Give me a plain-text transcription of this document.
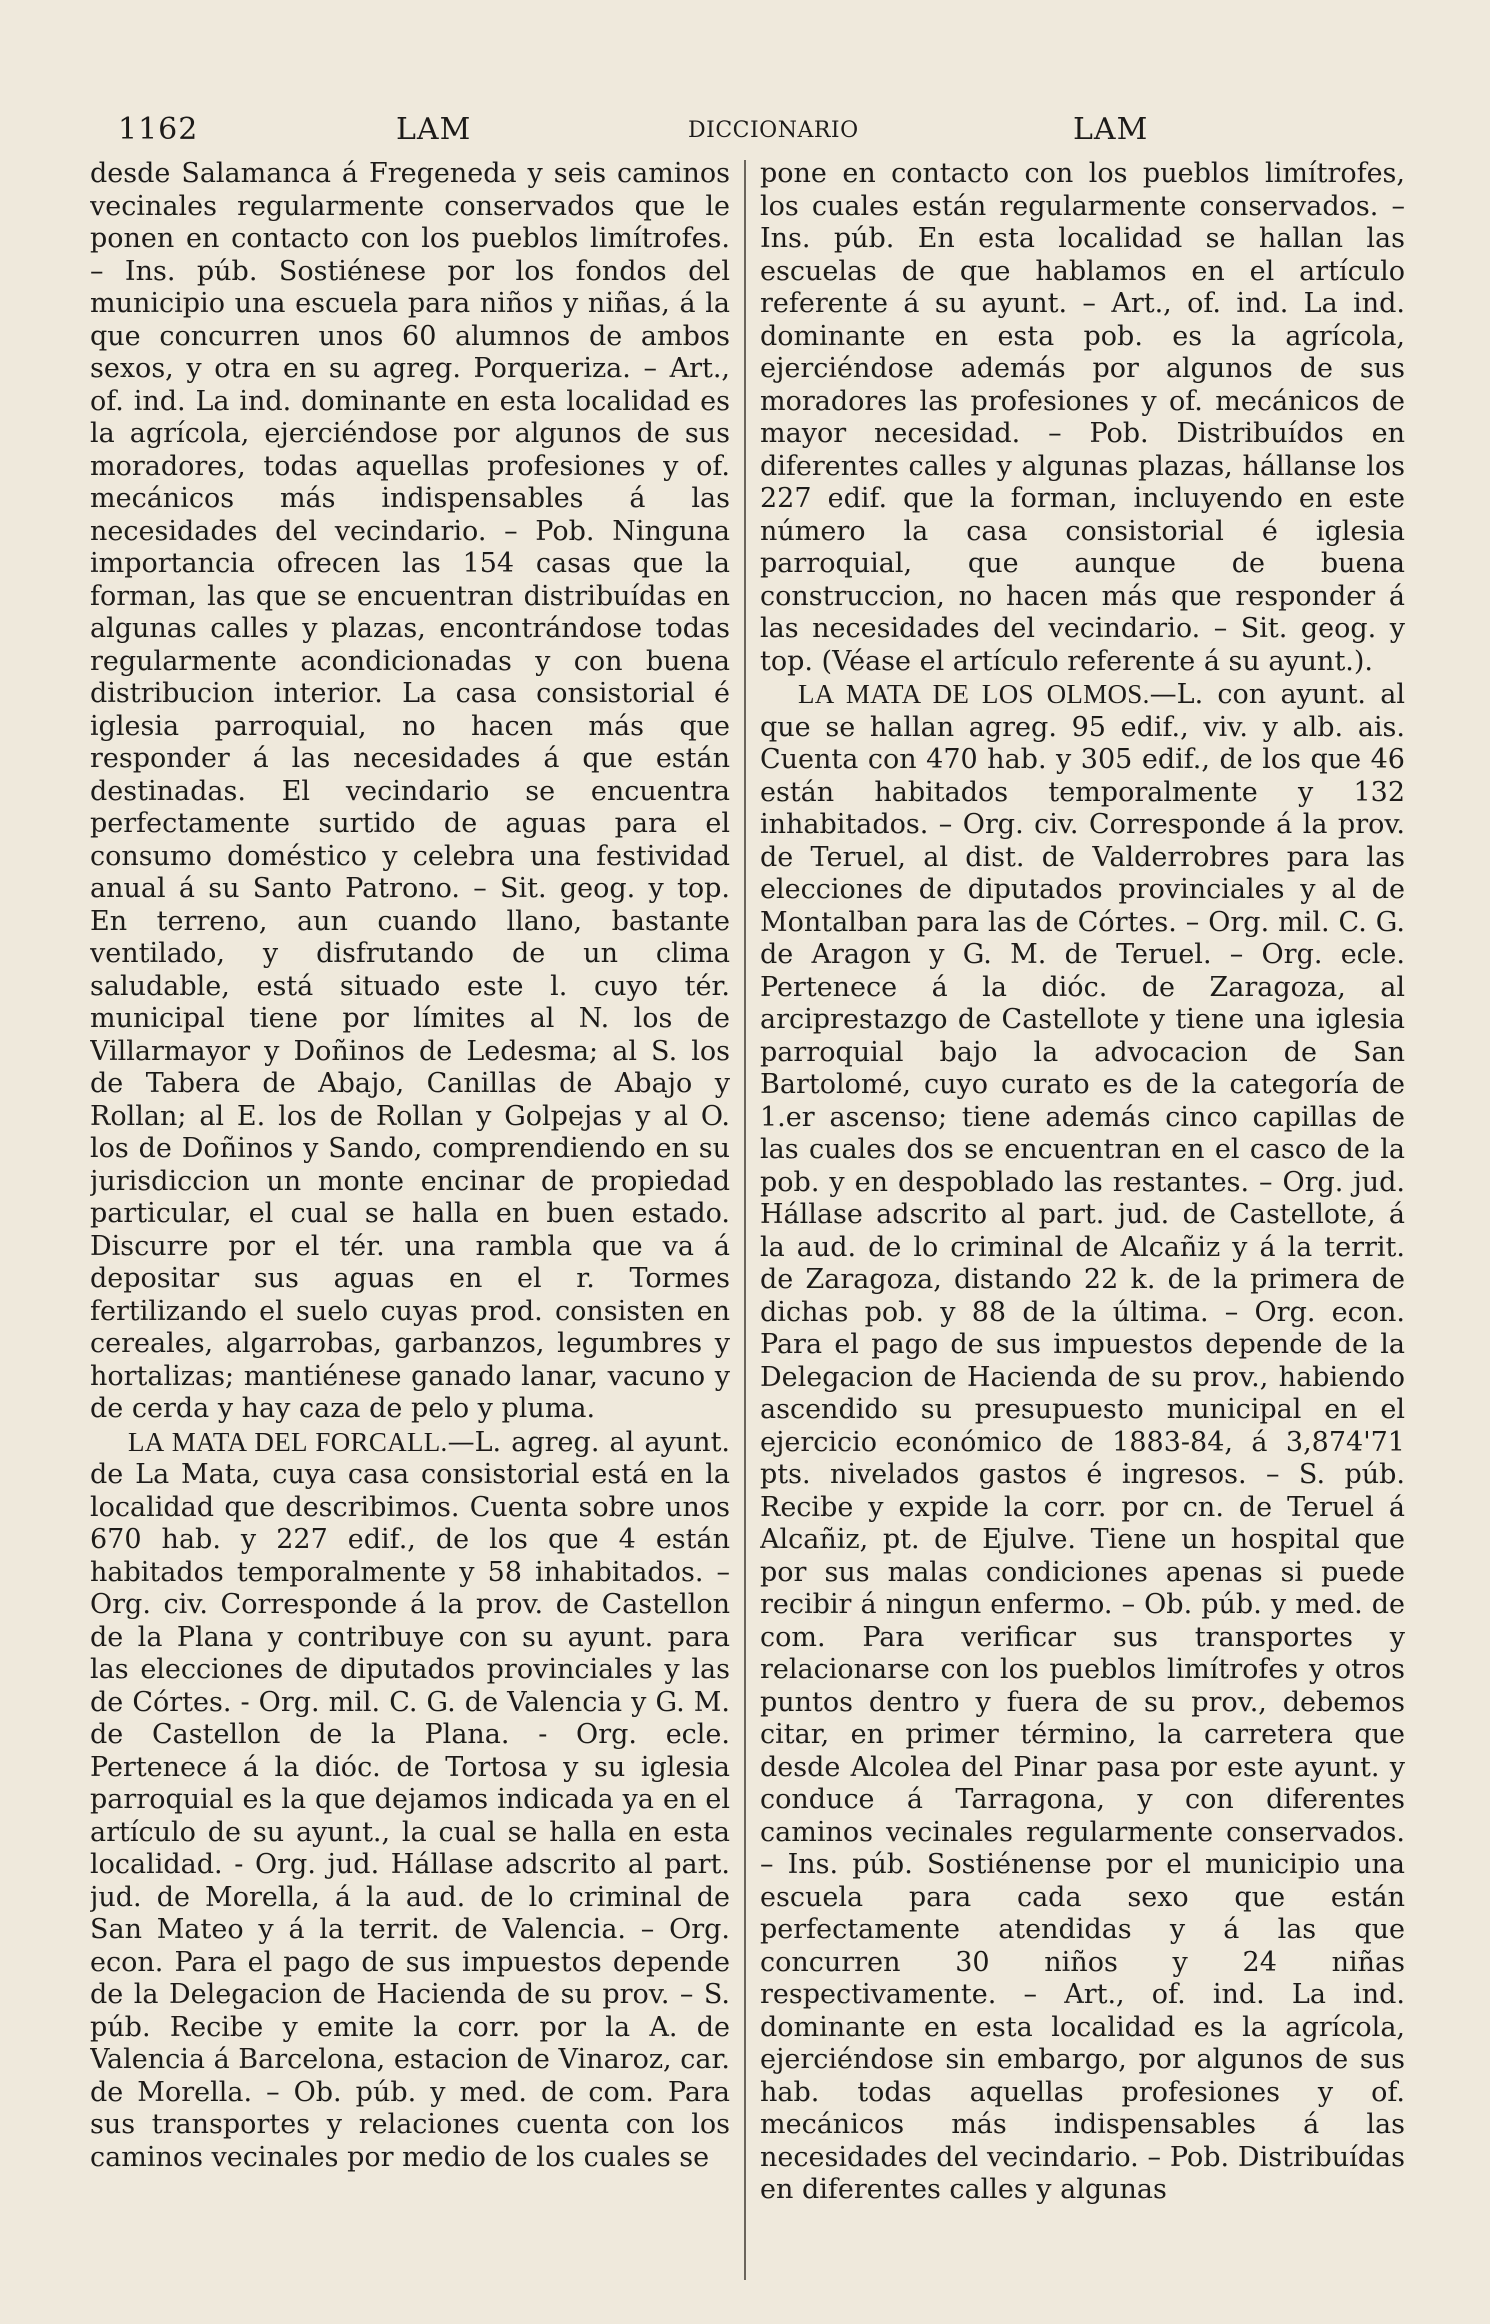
1162	LAM	DICCIONARIO	LAM

desde Salamanca á Fregeneda y seis caminos vecinales regularmente conservados que le ponen en contacto con los pueblos limítrofes. – Ins. púb. Sostiénese por los fondos del municipio una escuela para niños y niñas, á la que concurren unos 60 alumnos de ambos sexos, y otra en su agreg. Porqueriza. – Art., of. ind. La ind. dominante en esta localidad es la agrícola, ejerciéndose por algunos de sus moradores, todas aquellas profesiones y of. mecánicos más indispensables á las necesidades del vecindario. – Pob. Ninguna importancia ofrecen las 154 casas que la forman, las que se encuentran distribuídas en algunas calles y plazas, encontrándose todas regularmente acondicionadas y con buena distribucion interior. La casa consistorial é iglesia parroquial, no hacen más que responder á las necesidades á que están destinadas. El vecindario se encuentra perfectamente surtido de aguas para el consumo doméstico y celebra una festividad anual á su Santo Patrono. – Sit. geog. y top. En terreno, aun cuando llano, bastante ventilado, y disfrutando de un clima saludable, está situado este l. cuyo tér. municipal tiene por límites al N. los de Villarmayor y Doñinos de Ledesma; al S. los de Tabera de Abajo, Canillas de Abajo y Rollan; al E. los de Rollan y Golpejas y al O. los de Doñinos y Sando, comprendiendo en su jurisdiccion un monte encinar de propiedad particular, el cual se halla en buen estado. Discurre por el tér. una rambla que va á depositar sus aguas en el r. Tormes fertilizando el suelo cuyas prod. consisten en cereales, algarrobas, garbanzos, legumbres y hortalizas; mantiénese ganado lanar, vacuno y de cerda y hay caza de pelo y pluma.

LA MATA DEL FORCALL.—L. agreg. al ayunt. de La Mata, cuya casa consistorial está en la localidad que describimos. Cuenta sobre unos 670 hab. y 227 edif., de los que 4 están habitados temporalmente y 58 inhabitados. – Org. civ. Corresponde á la prov. de Castellon de la Plana y contribuye con su ayunt. para las elecciones de diputados provinciales y las de Córtes. - Org. mil. C. G. de Valencia y G. M. de Castellon de la Plana. - Org. ecle. Pertenece á la dióc. de Tortosa y su iglesia parroquial es la que dejamos indicada ya en el artículo de su ayunt., la cual se halla en esta localidad. - Org. jud. Hállase adscrito al part. jud. de Morella, á la aud. de lo criminal de San Mateo y á la territ. de Valencia. – Org. econ. Para el pago de sus impuestos depende de la Delegacion de Hacienda de su prov. – S. púb. Recibe y emite la corr. por la A. de Valencia á Barcelona, estacion de Vinaroz, car. de Morella. – Ob. púb. y med. de com. Para sus transportes y relaciones cuenta con los caminos vecinales por medio de los cuales se

pone en contacto con los pueblos limítrofes, los cuales están regularmente conservados. – Ins. púb. En esta localidad se hallan las escuelas de que hablamos en el artículo referente á su ayunt. – Art., of. ind. La ind. dominante en esta pob. es la agrícola, ejerciéndose además por algunos de sus moradores las profesiones y of. mecánicos de mayor necesidad. – Pob. Distribuídos en diferentes calles y algunas plazas, hállanse los 227 edif. que la forman, incluyendo en este número la casa consistorial é iglesia parroquial, que aunque de buena construccion, no hacen más que responder á las necesidades del vecindario. – Sit. geog. y top. (Véase el artículo referente á su ayunt.).

LA MATA DE LOS OLMOS.—L. con ayunt. al que se hallan agreg. 95 edif., viv. y alb. ais. Cuenta con 470 hab. y 305 edif., de los que 46 están habitados temporalmente y 132 inhabitados. – Org. civ. Corresponde á la prov. de Teruel, al dist. de Valderrobres para las elecciones de diputados provinciales y al de Montalban para las de Córtes. – Org. mil. C. G. de Aragon y G. M. de Teruel. – Org. ecle. Pertenece á la dióc. de Zaragoza, al arciprestazgo de Castellote y tiene una iglesia parroquial bajo la advocacion de San Bartolomé, cuyo curato es de la categoría de 1.er ascenso; tiene además cinco capillas de las cuales dos se encuentran en el casco de la pob. y en despoblado las restantes. – Org. jud. Hállase adscrito al part. jud. de Castellote, á la aud. de lo criminal de Alcañiz y á la territ. de Zaragoza, distando 22 k. de la primera de dichas pob. y 88 de la última. – Org. econ. Para el pago de sus impuestos depende de la Delegacion de Hacienda de su prov., habiendo ascendido su presupuesto municipal en el ejercicio económico de 1883-84, á 3,874'71 pts. nivelados gastos é ingresos. – S. púb. Recibe y expide la corr. por cn. de Teruel á Alcañiz, pt. de Ejulve. Tiene un hospital que por sus malas condiciones apenas si puede recibir á ningun enfermo. – Ob. púb. y med. de com. Para verificar sus transportes y relacionarse con los pueblos limítrofes y otros puntos dentro y fuera de su prov., debemos citar, en primer término, la carretera que desde Alcolea del Pinar pasa por este ayunt. y conduce á Tarragona, y con diferentes caminos vecinales regularmente conservados. – Ins. púb. Sostiénense por el municipio una escuela para cada sexo que están perfectamente atendidas y á las que concurren 30 niños y 24 niñas respectivamente. – Art., of. ind. La ind. dominante en esta localidad es la agrícola, ejerciéndose sin embargo, por algunos de sus hab. todas aquellas profesiones y of. mecánicos más indispensables á las necesidades del vecindario. – Pob. Distribuídas en diferentes calles y algunas
